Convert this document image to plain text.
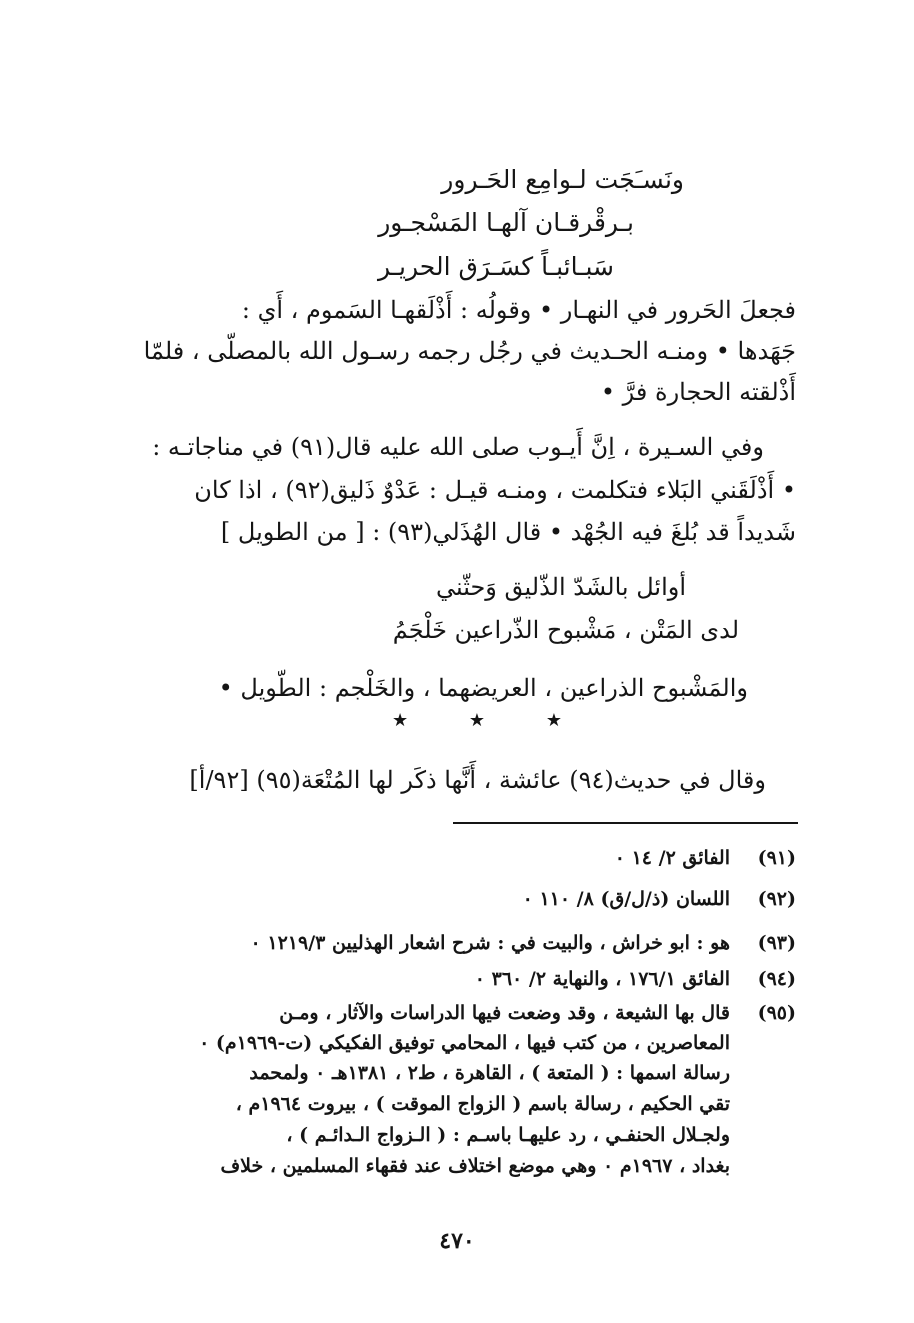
ونَسـَجَت لـوامِع الحَـرور
بـرقْرقـان آلهـا المَسْجـور
سَبـائبـاً كسَـرَق الحريـر
فجعلَ الحَرور في النهـار • وقولُه : أَذْلَقهـا السَموم ، أَي :
جَهَدها • ومنـه الحـديث في رجُل رجمه رسـول الله بالمصلّى ، فلمّا
أَذْلقته الحجارة فرَّ •
وفي السـيرة ، اِنَّ أَيـوب صلى الله عليه قال(٩١) في مناجاتـه :
• أَذْلَقَني البَلاء فتكلمت ، ومنـه قيـل : عَدْوٌ ذَليق(٩٢) ، اذا كان
شَديداً قد بُلغَ فيه الجُهْد • قال الهُذَلي(٩٣) : [ من الطويل ]
أوائل بالشَدّ الذّليق وَحثّني
لدى المَتْن ، مَشْبوح الذّراعين خَلْجَمُ
والمَشْبوح الذراعين ، العريضهما ، والخَلْجم : الطّويل •
★	★	★
وقال في حديث(٩٤) عائشة ، أَنَّها ذكَر لها المُتْعَة(٩٥) [٩٢/أ]
(٩١)الفائق ٢/ ١٤ ٠
(٩٢)اللسان (ذ/ل/ق) ٨/ ١١٠ ٠
(٩٣)هو : ابو خراش ، والبيت في : شرح اشعار الهذليين ١٢١٩/٣ ٠
(٩٤)الفائق ١٧٦/١ ، والنهاية ٢/ ٣٦٠ ٠
(٩٥)قال بها الشيعة ، وقد وضعت فيها الدراسات والآثار ، ومـن
المعاصرين ، من كتب فيها ، المحامي توفيق الفكيكي (ت-١٩٦٩م) ٠
رسالة اسمها : ( المتعة ) ، القاهرة ، ط٢ ، ١٣٨١هـ ٠ ولمحمد
تقي الحكيم ، رسالة باسم ( الزواج الموقت ) ، بيروت ١٩٦٤م ،
ولجـلال الحنفـي ، رد عليهـا باسـم : ( الـزواج الـدائـم ) ،
بغداد ، ١٩٦٧م ٠ وهي موضع اختلاف عند فقهاء المسلمين ، خلاف
٤٧٠
